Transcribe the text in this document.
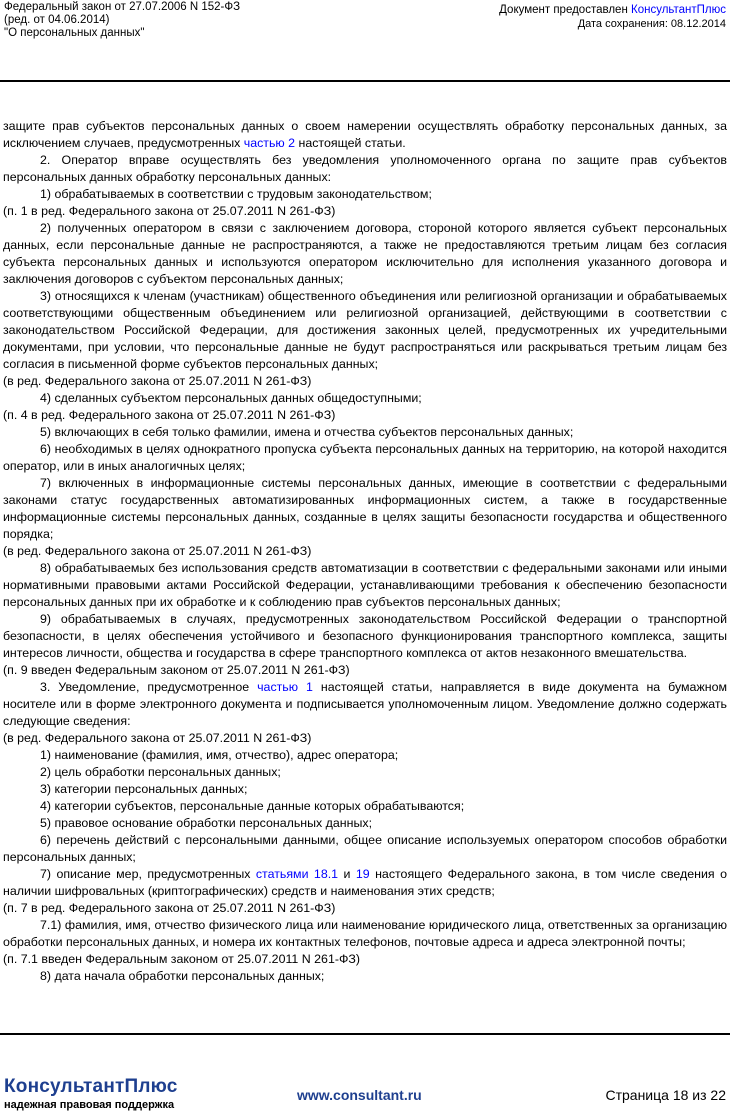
Федеральный закон от 27.07.2006 N 152-ФЗ
(ред. от 04.06.2014)
"О персональных данных"
Документ предоставлен КонсультантПлюс
Дата сохранения: 08.12.2014

защите прав субъектов персональных данных о своем намерении осуществлять обработку персональных данных, за исключением случаев, предусмотренных частью 2 настоящей статьи.

2. Оператор вправе осуществлять без уведомления уполномоченного органа по защите прав субъектов персональных данных обработку персональных данных:

1) обрабатываемых в соответствии с трудовым законодательством;

(п. 1 в ред. Федерального закона от 25.07.2011 N 261-ФЗ)

2) полученных оператором в связи с заключением договора, стороной которого является субъект персональных данных, если персональные данные не распространяются, а также не предоставляются третьим лицам без согласия субъекта персональных данных и используются оператором исключительно для исполнения указанного договора и заключения договоров с субъектом персональных данных;

3) относящихся к членам (участникам) общественного объединения или религиозной организации и обрабатываемых соответствующими общественным объединением или религиозной организацией, действующими в соответствии с законодательством Российской Федерации, для достижения законных целей, предусмотренных их учредительными документами, при условии, что персональные данные не будут распространяться или раскрываться третьим лицам без согласия в письменной форме субъектов персональных данных;

(в ред. Федерального закона от 25.07.2011 N 261-ФЗ)

4) сделанных субъектом персональных данных общедоступными;

(п. 4 в ред. Федерального закона от 25.07.2011 N 261-ФЗ)

5) включающих в себя только фамилии, имена и отчества субъектов персональных данных;

6) необходимых в целях однократного пропуска субъекта персональных данных на территорию, на которой находится оператор, или в иных аналогичных целях;

7) включенных в информационные системы персональных данных, имеющие в соответствии с федеральными законами статус государственных автоматизированных информационных систем, а также в государственные информационные системы персональных данных, созданные в целях защиты безопасности государства и общественного порядка;

(в ред. Федерального закона от 25.07.2011 N 261-ФЗ)

8) обрабатываемых без использования средств автоматизации в соответствии с федеральными законами или иными нормативными правовыми актами Российской Федерации, устанавливающими требования к обеспечению безопасности персональных данных при их обработке и к соблюдению прав субъектов персональных данных;

9) обрабатываемых в случаях, предусмотренных законодательством Российской Федерации о транспортной безопасности, в целях обеспечения устойчивого и безопасного функционирования транспортного комплекса, защиты интересов личности, общества и государства в сфере транспортного комплекса от актов незаконного вмешательства.

(п. 9 введен Федеральным законом от 25.07.2011 N 261-ФЗ)

3. Уведомление, предусмотренное частью 1 настоящей статьи, направляется в виде документа на бумажном носителе или в форме электронного документа и подписывается уполномоченным лицом. Уведомление должно содержать следующие сведения:

(в ред. Федерального закона от 25.07.2011 N 261-ФЗ)

1) наименование (фамилия, имя, отчество), адрес оператора;

2) цель обработки персональных данных;

3) категории персональных данных;

4) категории субъектов, персональные данные которых обрабатываются;

5) правовое основание обработки персональных данных;

6) перечень действий с персональными данными, общее описание используемых оператором способов обработки персональных данных;

7) описание мер, предусмотренных статьями 18.1 и 19 настоящего Федерального закона, в том числе сведения о наличии шифровальных (криптографических) средств и наименования этих средств;

(п. 7 в ред. Федерального закона от 25.07.2011 N 261-ФЗ)

7.1) фамилия, имя, отчество физического лица или наименование юридического лица, ответственных за организацию обработки персональных данных, и номера их контактных телефонов, почтовые адреса и адреса электронной почты;

(п. 7.1 введен Федеральным законом от 25.07.2011 N 261-ФЗ)

8) дата начала обработки персональных данных;

КонсультантПлюс
надежная правовая поддержка
www.consultant.ru	Страница 18 из 22
